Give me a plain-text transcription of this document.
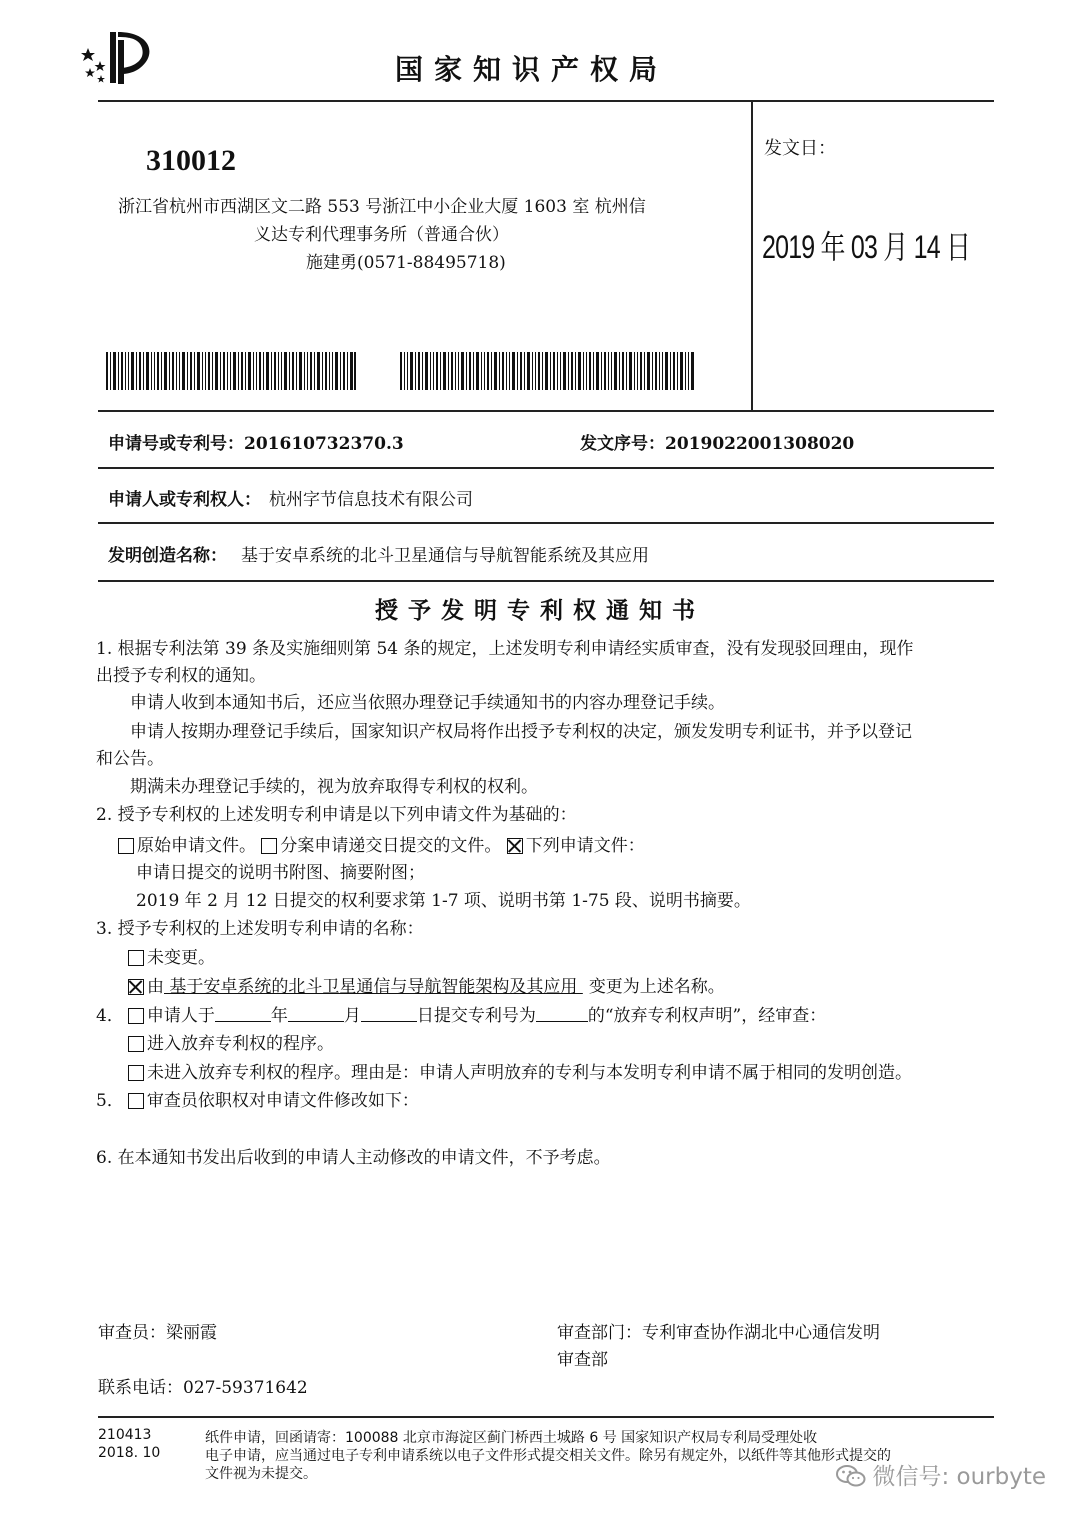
国家知识产权局
310012
浙江省杭州市西湖区文二路 553 号浙江中小企业大厦 1603 室 杭州信
义达专利代理事务所（普通合伙）
施建勇(0571-88495718)
发文日：
2019 年 03 月 14 日
申请号或专利号：201610732370.3	发文序号：2019022001308020
申请人或专利权人： 杭州字节信息技术有限公司
发明创造名称： 基于安卓系统的北斗卫星通信与导航智能系统及其应用
授予发明专利权通知书
1. 根据专利法第 39 条及实施细则第 54 条的规定，上述发明专利申请经实质审查，没有发现驳回理由，现作
出授予专利权的通知。
申请人收到本通知书后，还应当依照办理登记手续通知书的内容办理登记手续。
申请人按期办理登记手续后，国家知识产权局将作出授予专利权的决定，颁发发明专利证书，并予以登记
和公告。
期满未办理登记手续的，视为放弃取得专利权的权利。
2. 授予专利权的上述发明专利申请是以下列申请文件为基础的：
原始申请文件。 分案申请递交日提交的文件。 下列申请文件：
申请日提交的说明书附图、摘要附图；
2019 年 2 月 12 日提交的权利要求第 1-7 项、说明书第 1-75 段、说明书摘要。
3. 授予专利权的上述发明专利申请的名称：
未变更。
由 基于安卓系统的北斗卫星通信与导航智能架构及其应用 变更为上述名称。
4． 申请人于	年	月	日提交专利号为	的“放弃专利权声明”，经审查：
进入放弃专利权的程序。
未进入放弃专利权的程序。理由是：申请人声明放弃的专利与本发明专利申请不属于相同的发明创造。
5． 审查员依职权对申请文件修改如下：
6. 在本通知书发出后收到的申请人主动修改的申请文件，不予考虑。
审查员：梁丽霞	审查部门：专利审查协作湖北中心通信发明
审查部
联系电话：027-59371642
210413
2018. 10
纸件申请，回函请寄：100088 北京市海淀区蓟门桥西土城路 6 号 国家知识产权局专利局受理处收
电子申请，应当通过电子专利申请系统以电子文件形式提交相关文件。除另有规定外，以纸件等其他形式提交的
文件视为未提交。	微信号: ourbyte
